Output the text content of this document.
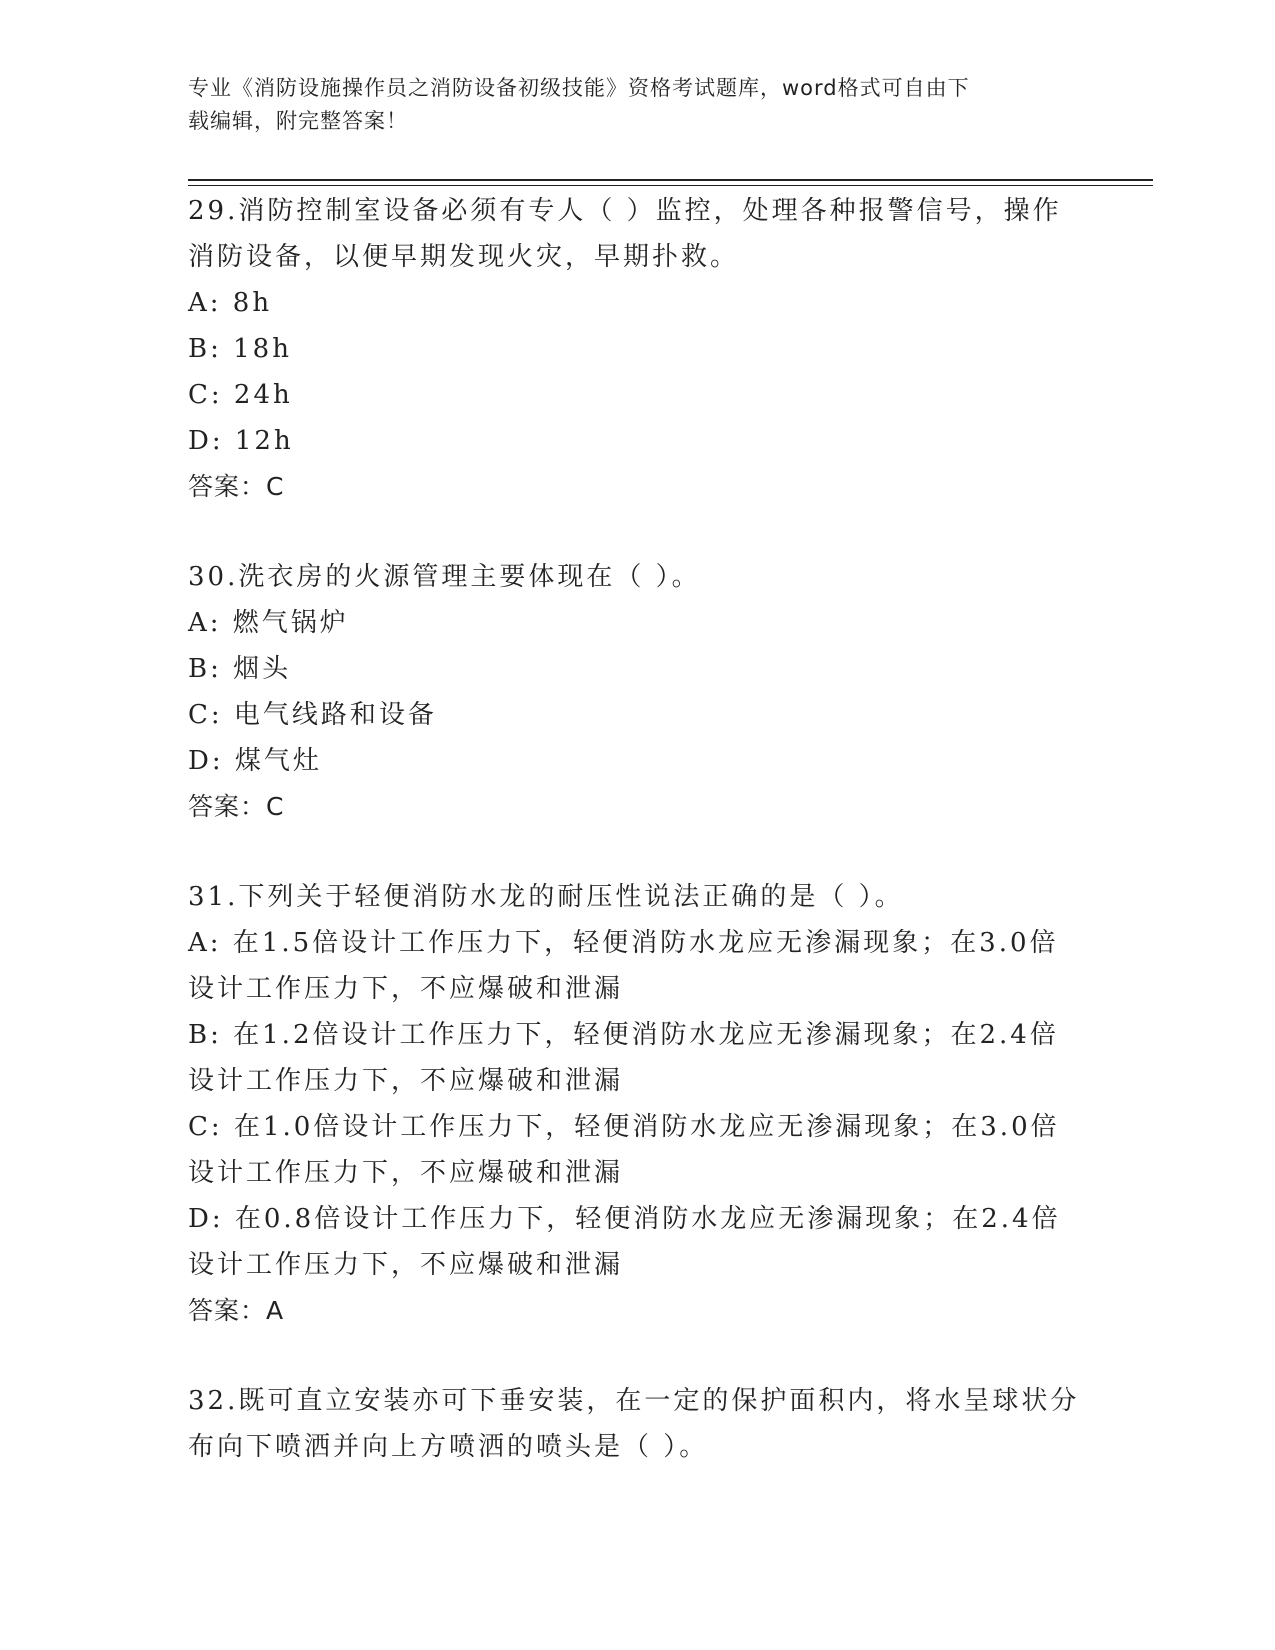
专业《消防设施操作员之消防设备初级技能》资格考试题库，word格式可自由下
载编辑，附完整答案！

29.消防控制室设备必须有专人（ ）监控，处理各种报警信号，操作

消防设备，以便早期发现火灾，早期扑救。

A: 8h

B: 18h

C: 24h

D: 12h

答案：C

30.洗衣房的火源管理主要体现在（ ）。

A: 燃气锅炉

B: 烟头

C: 电气线路和设备

D: 煤气灶

答案：C

31.下列关于轻便消防水龙的耐压性说法正确的是（ ）。

A: 在1.5倍设计工作压力下，轻便消防水龙应无渗漏现象；在3.0倍

设计工作压力下，不应爆破和泄漏

B: 在1.2倍设计工作压力下，轻便消防水龙应无渗漏现象；在2.4倍

设计工作压力下，不应爆破和泄漏

C: 在1.0倍设计工作压力下，轻便消防水龙应无渗漏现象；在3.0倍

设计工作压力下，不应爆破和泄漏

D: 在0.8倍设计工作压力下，轻便消防水龙应无渗漏现象；在2.4倍

设计工作压力下，不应爆破和泄漏

答案：A

32.既可直立安装亦可下垂安装，在一定的保护面积内，将水呈球状分

布向下喷洒并向上方喷洒的喷头是（ ）。
